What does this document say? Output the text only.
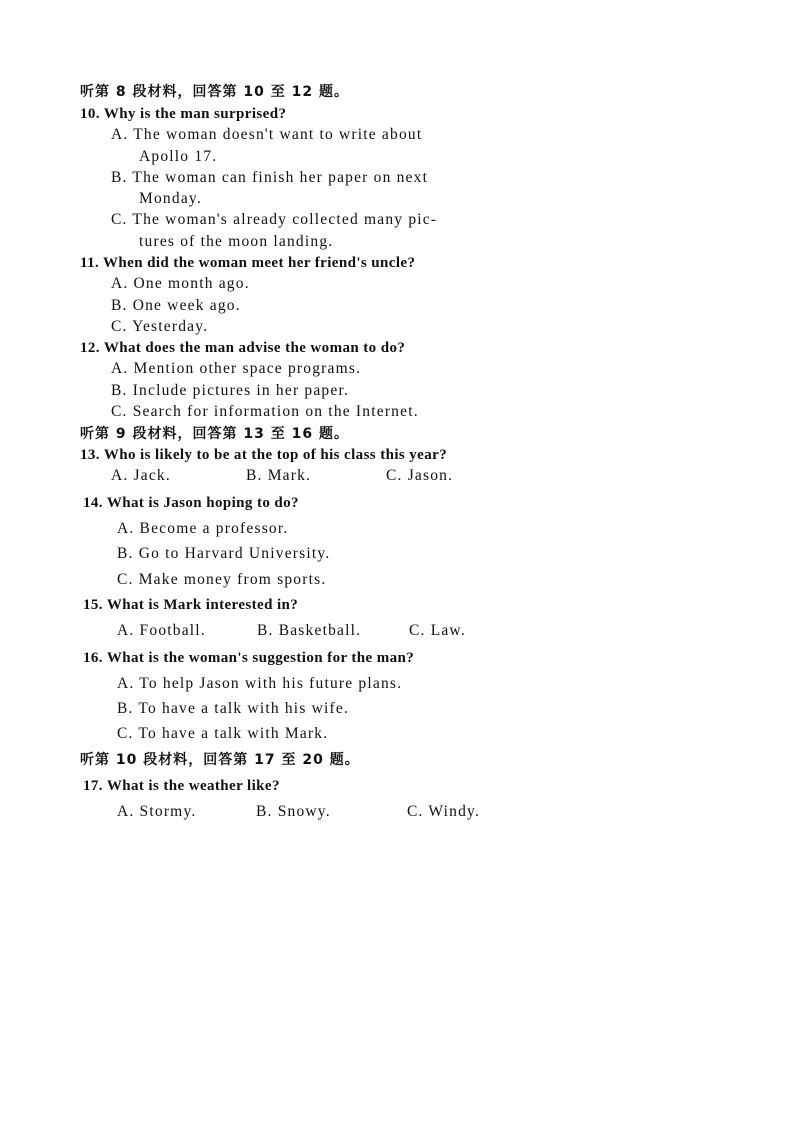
听第 8 段材料，回答第 10 至 12 题。
10. Why is the man surprised?
A. The woman doesn't want to write about
Apollo 17.
B. The woman can finish her paper on next
Monday.
C. The woman's already collected many pic-
tures of the moon landing.
11. When did the woman meet her friend's uncle?
A. One month ago.
B. One week ago.
C. Yesterday.
12. What does the man advise the woman to do?
A. Mention other space programs.
B. Include pictures in her paper.
C. Search for information on the Internet.
听第 9 段材料，回答第 13 至 16 题。
13. Who is likely to be at the top of his class this year?
A. Jack.	B. Mark.	C. Jason.
14. What is Jason hoping to do?
A. Become a professor.
B. Go to Harvard University.
C. Make money from sports.
15. What is Mark interested in?
A. Football.	B. Basketball.	C. Law.
16. What is the woman's suggestion for the man?
A. To help Jason with his future plans.
B. To have a talk with his wife.
C. To have a talk with Mark.
听第 10 段材料，回答第 17 至 20 题。
17. What is the weather like?
A. Stormy.	B. Snowy.	C. Windy.
